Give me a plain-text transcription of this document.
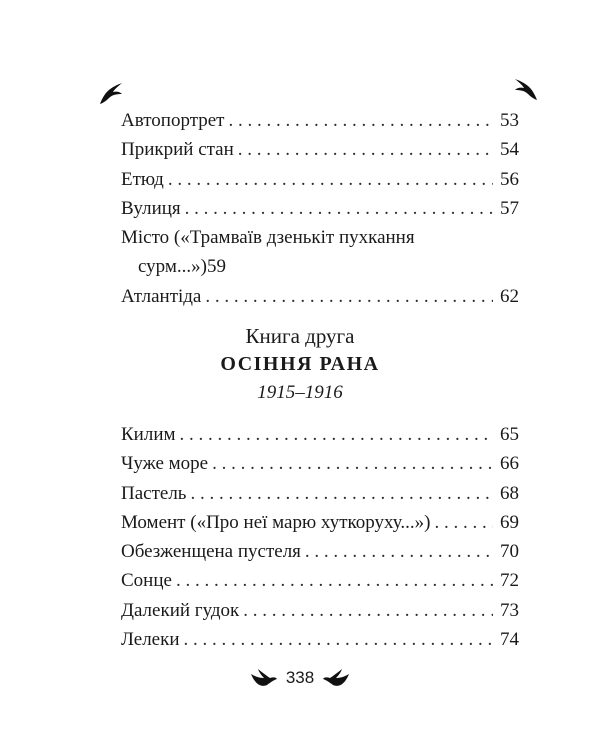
Автопортрет . . .	53
Прикрий стан . . .	54
Етюд . . .	56
Вулиця . . .	57
Місто («Трамваїв дзенькіт пухкання
сурм...») 59
Атлантіда . . .	62
Книга друга
ОСІННЯ РАНА
1915–1916
Килим . . .	65
Чуже море . . .	66
Пастель . . .	68
Момент («Про неї марю хуткоруху...») . . .	69
Обезженщена пустеля . . .	70
Сонце . . .	72
Далекий гудок . . .	73
Лелеки . . .	74
338
